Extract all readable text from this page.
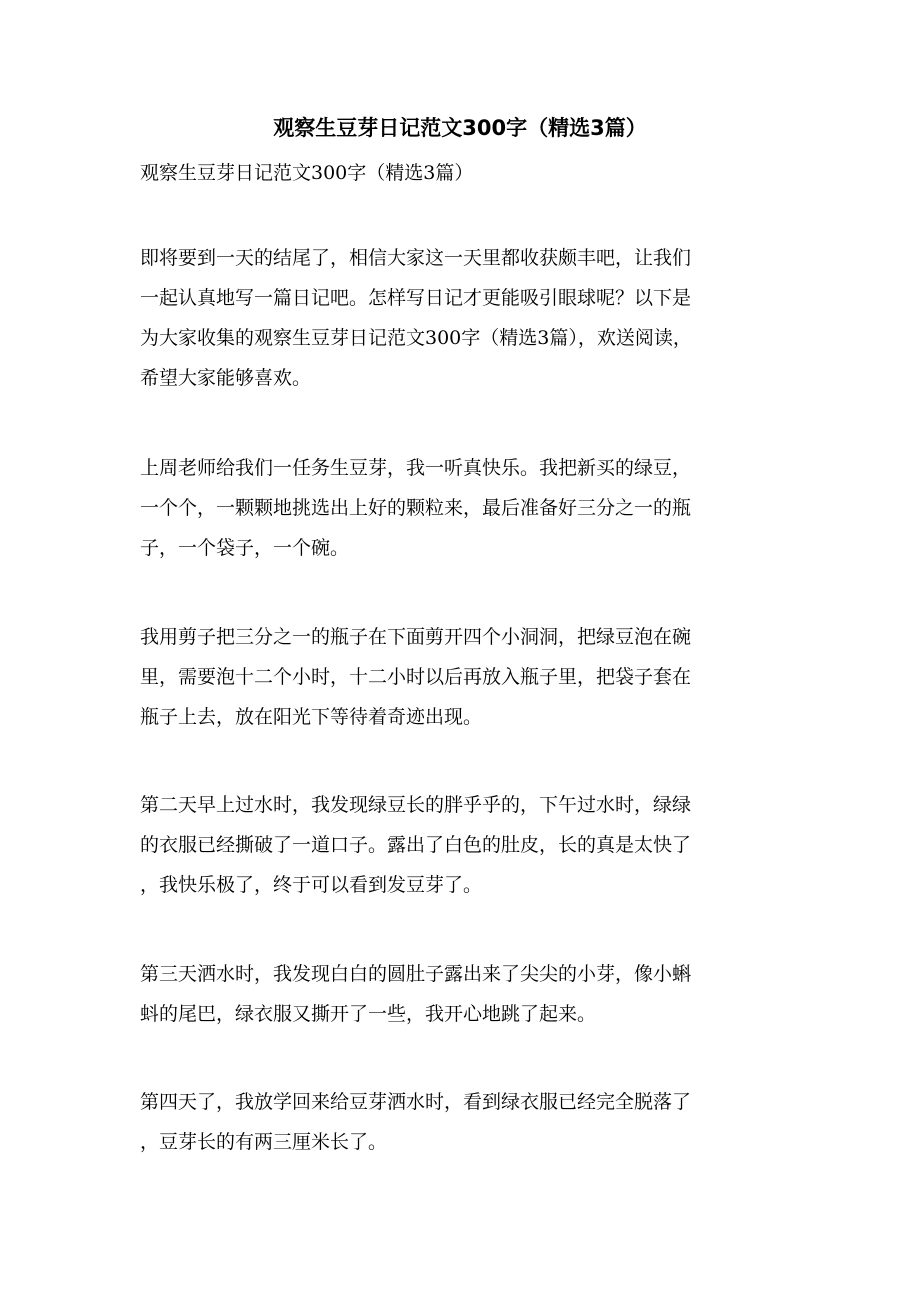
观察生豆芽日记范文300字（精选3篇）

观察生豆芽日记范文300字（精选3篇）

即将要到一天的结尾了，相信大家这一天里都收获颇丰吧，让我们
一起认真地写一篇日记吧。怎样写日记才更能吸引眼球呢？以下是
为大家收集的观察生豆芽日记范文300字（精选3篇），欢送阅读，
希望大家能够喜欢。
上周老师给我们一任务生豆芽，我一听真快乐。我把新买的绿豆，
一个个，一颗颗地挑选出上好的颗粒来，最后准备好三分之一的瓶
子，一个袋子，一个碗。
我用剪子把三分之一的瓶子在下面剪开四个小洞洞，把绿豆泡在碗
里，需要泡十二个小时，十二小时以后再放入瓶子里，把袋子套在
瓶子上去，放在阳光下等待着奇迹出现。
第二天早上过水时，我发现绿豆长的胖乎乎的，下午过水时，绿绿
的衣服已经撕破了一道口子。露出了白色的肚皮，长的真是太快了
，我快乐极了，终于可以看到发豆芽了。
第三天洒水时，我发现白白的圆肚子露出来了尖尖的小芽，像小蝌
蚪的尾巴，绿衣服又撕开了一些，我开心地跳了起来。
第四天了，我放学回来给豆芽洒水时，看到绿衣服已经完全脱落了
，豆芽长的有两三厘米长了。
